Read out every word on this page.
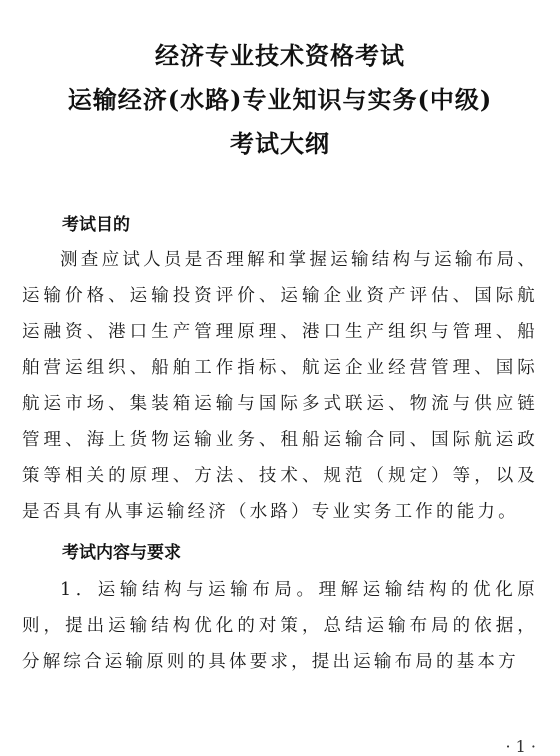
经济专业技术资格考试
运输经济(水路)专业知识与实务(中级)
考试大纲
考试目的

测查应试人员是否理解和掌握运输结构与运输布局、运输价格、运输投资评价、运输企业资产评估、国际航运融资、港口生产管理原理、港口生产组织与管理、船舶营运组织、船舶工作指标、航运企业经营管理、国际航运市场、集装箱运输与国际多式联运、物流与供应链管理、海上货物运输业务、租船运输合同、国际航运政策等相关的原理、方法、技术、规范（规定）等，以及是否具有从事运输经济（水路）专业实务工作的能力。

考试内容与要求

1．运输结构与运输布局。理解运输结构的优化原则，提出运输结构优化的对策，总结运输布局的依据，分解综合运输原则的具体要求，提出运输布局的基本方

· 1 ·
